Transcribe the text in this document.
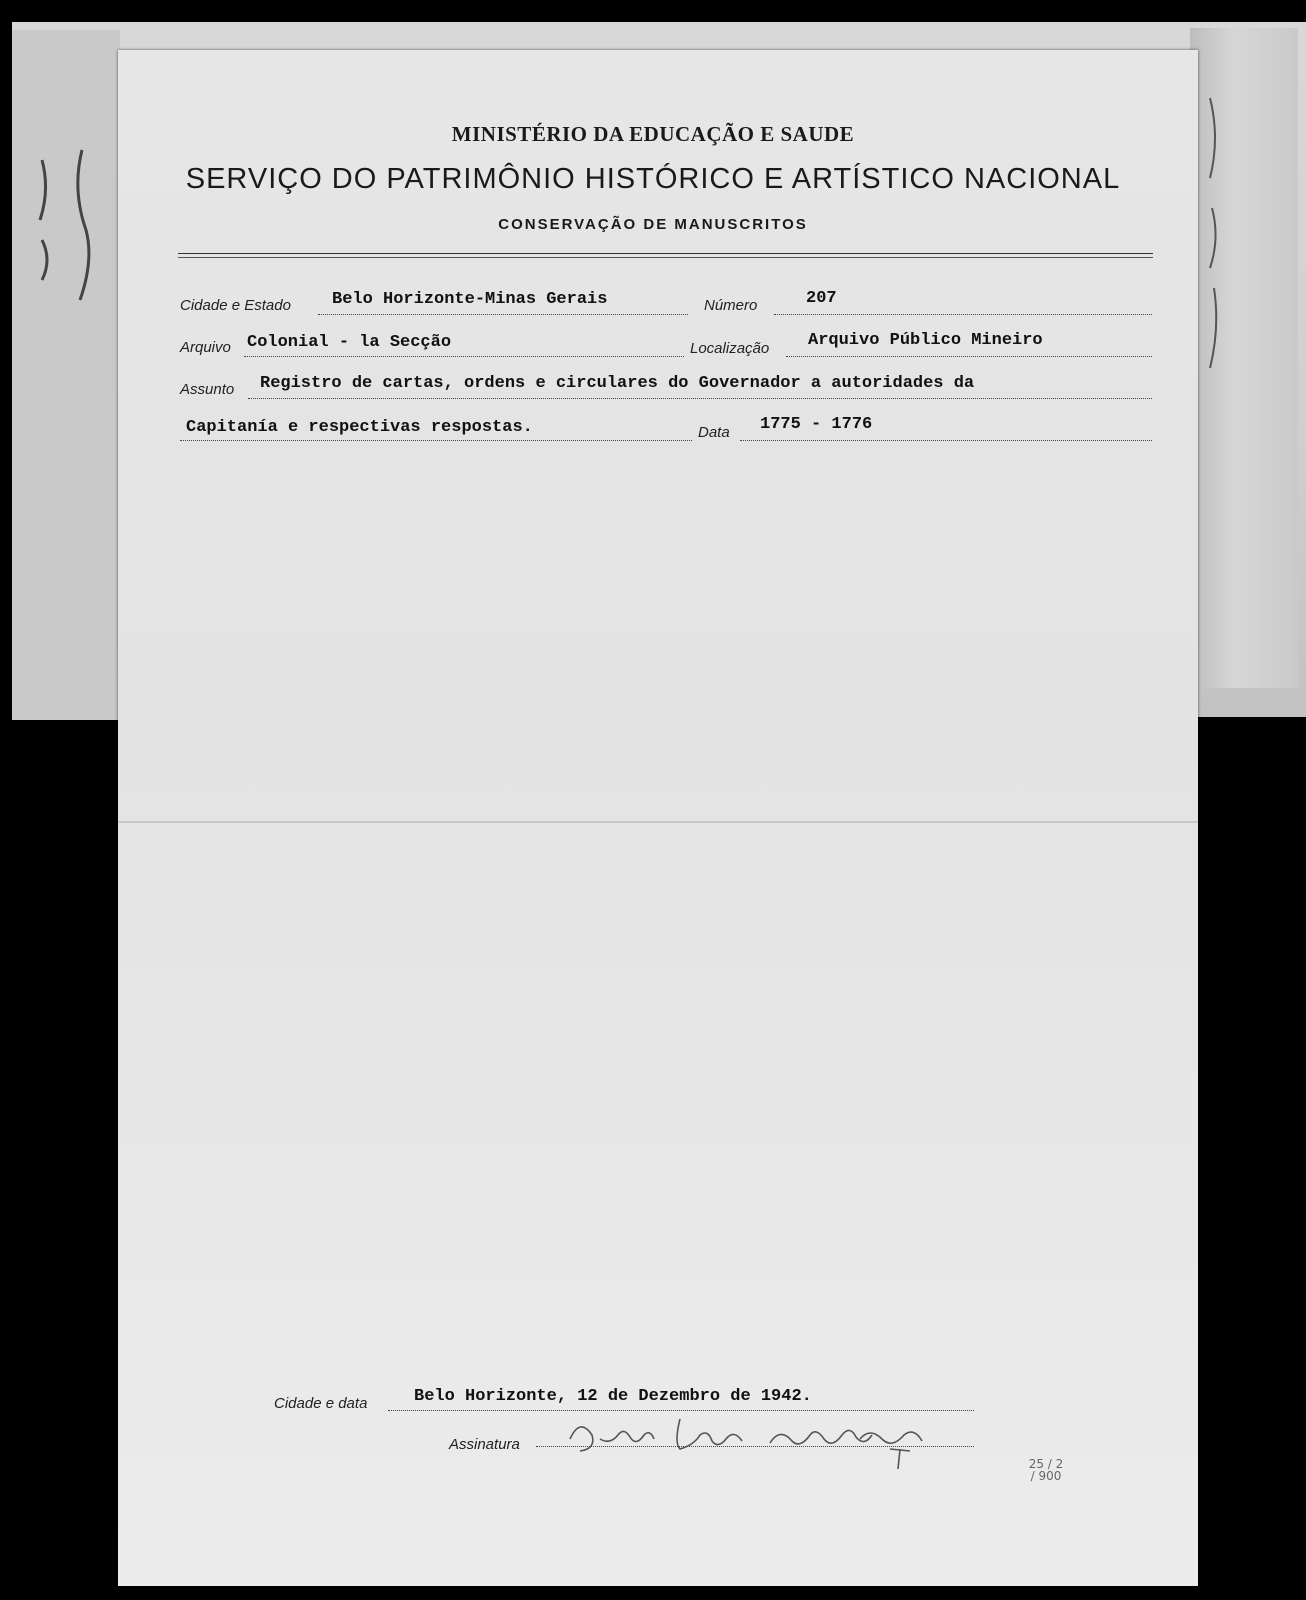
MINISTÉRIO DA EDUCAÇÃO E SAUDE
SERVIÇO DO PATRIMÔNIO HISTÓRICO E ARTÍSTICO NACIONAL
CONSERVAÇÃO DE MANUSCRITOS
Cidade e Estado Belo Horizonte-Minas Gerais	Número	207
Arquivo Colonial - la Secção	Localização Arquivo Público Mineiro
Assunto Registro de cartas, ordens e circulares do Governador a autoridades da
Capitanía e respectivas respostas.	Data 1775 - 1776
Cidade e data	Belo Horizonte, 12 de Dezembro de 1942.
Assinatura
25 / 2 / 900
